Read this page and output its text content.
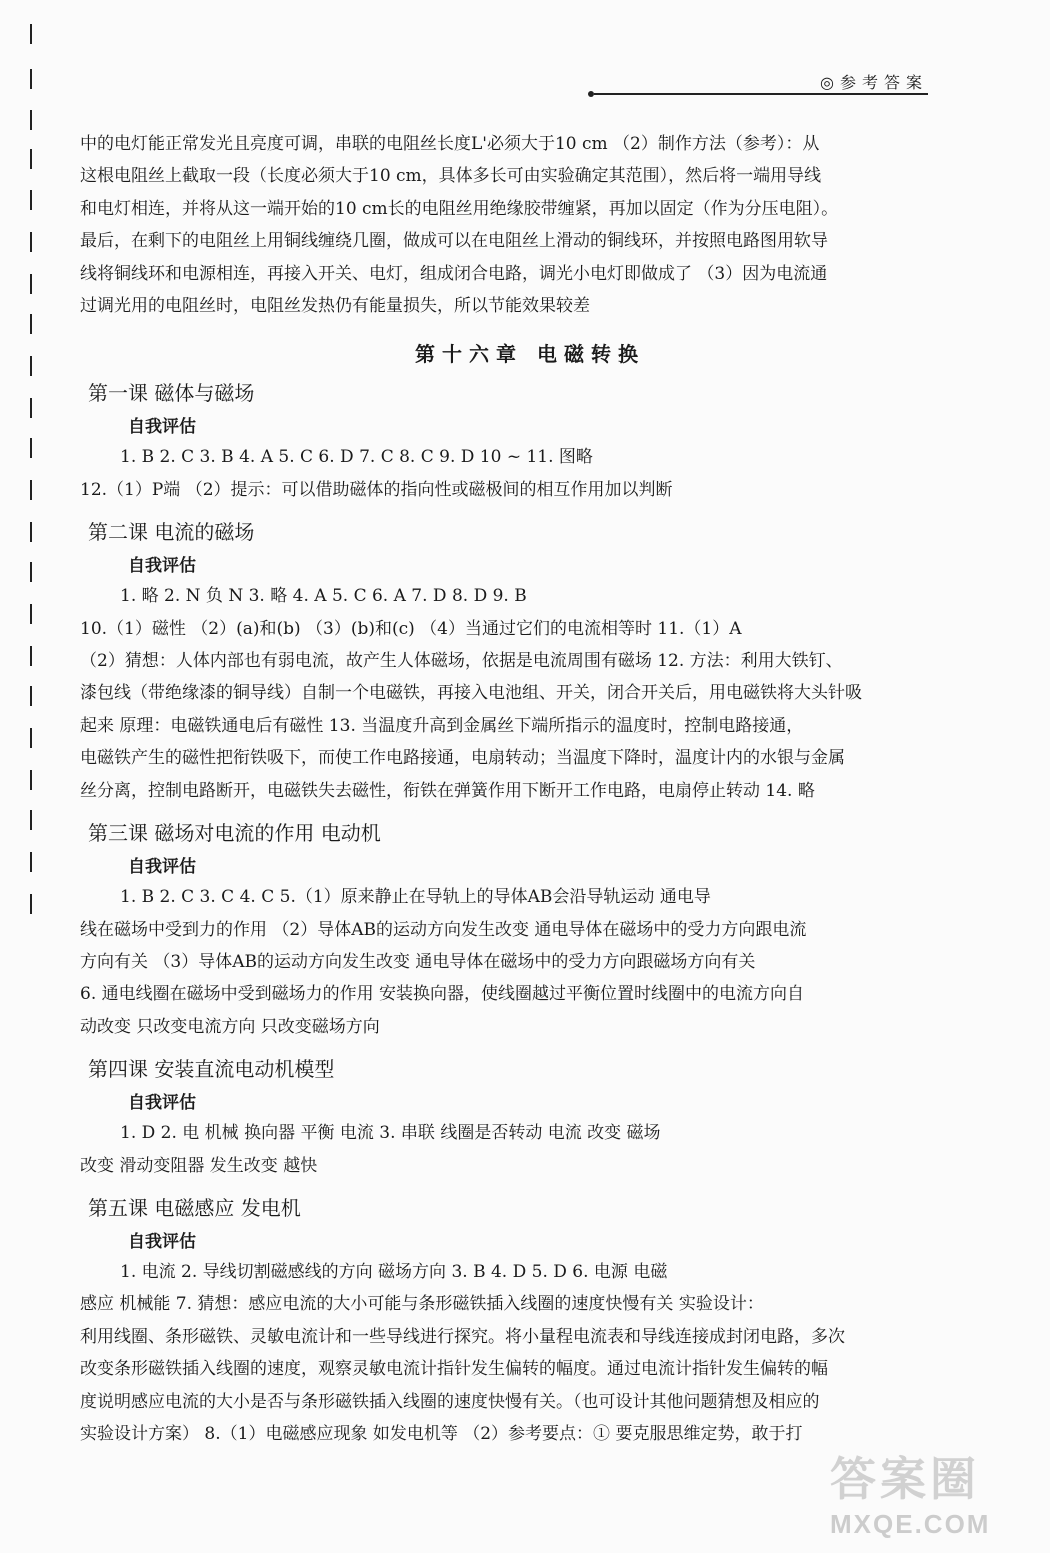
◎参考答案

中的电灯能正常发光且亮度可调，串联的电阻丝长度L'必须大于10 cm （2）制作方法（参考）：从

这根电阻丝上截取一段（长度必须大于10 cm，具体多长可由实验确定其范围），然后将一端用导线

和电灯相连，并将从这一端开始的10 cm长的电阻丝用绝缘胶带缠紧，再加以固定（作为分压电阻）。

最后，在剩下的电阻丝上用铜线缠绕几圈，做成可以在电阻丝上滑动的铜线环，并按照电路图用软导

线将铜线环和电源相连，再接入开关、电灯，组成闭合电路，调光小电灯即做成了 （3）因为电流通

过调光用的电阻丝时，电阻丝发热仍有能量损失，所以节能效果较差

第十六章 电磁转换
第一课 磁体与磁场
自我评估

1. B 2. C 3. B 4. A 5. C 6. D 7. C 8. C 9. D 10 ~ 11. 图略

12.（1）P端 （2）提示：可以借助磁体的指向性或磁极间的相互作用加以判断

第二课 电流的磁场
自我评估

1. 略 2. N 负 N 3. 略 4. A 5. C 6. A 7. D 8. D 9. B

10.（1）磁性 （2）(a)和(b) （3）(b)和(c) （4）当通过它们的电流相等时 11.（1）A

（2）猜想：人体内部也有弱电流，故产生人体磁场，依据是电流周围有磁场 12. 方法：利用大铁钉、

漆包线（带绝缘漆的铜导线）自制一个电磁铁，再接入电池组、开关，闭合开关后，用电磁铁将大头针吸

起来 原理：电磁铁通电后有磁性 13. 当温度升高到金属丝下端所指示的温度时，控制电路接通，

电磁铁产生的磁性把衔铁吸下，而使工作电路接通，电扇转动；当温度下降时，温度计内的水银与金属

丝分离，控制电路断开，电磁铁失去磁性，衔铁在弹簧作用下断开工作电路，电扇停止转动 14. 略

第三课 磁场对电流的作用 电动机
自我评估

1. B 2. C 3. C 4. C 5.（1）原来静止在导轨上的导体AB会沿导轨运动 通电导

线在磁场中受到力的作用 （2）导体AB的运动方向发生改变 通电导体在磁场中的受力方向跟电流

方向有关 （3）导体AB的运动方向发生改变 通电导体在磁场中的受力方向跟磁场方向有关

6. 通电线圈在磁场中受到磁场力的作用 安装换向器，使线圈越过平衡位置时线圈中的电流方向自

动改变 只改变电流方向 只改变磁场方向

第四课 安装直流电动机模型
自我评估

1. D 2. 电 机械 换向器 平衡 电流 3. 串联 线圈是否转动 电流 改变 磁场

改变 滑动变阻器 发生改变 越快

第五课 电磁感应 发电机
自我评估

1. 电流 2. 导线切割磁感线的方向 磁场方向 3. B 4. D 5. D 6. 电源 电磁

感应 机械能 7. 猜想：感应电流的大小可能与条形磁铁插入线圈的速度快慢有关 实验设计：

利用线圈、条形磁铁、灵敏电流计和一些导线进行探究。将小量程电流表和导线连接成封闭电路，多次

改变条形磁铁插入线圈的速度，观察灵敏电流计指针发生偏转的幅度。通过电流计指针发生偏转的幅

度说明感应电流的大小是否与条形磁铁插入线圈的速度快慢有关。（也可设计其他问题猜想及相应的

实验设计方案） 8.（1）电磁感应现象 如发电机等 （2）参考要点：① 要克服思维定势，敢于打

答案圈
MXQE.COM
